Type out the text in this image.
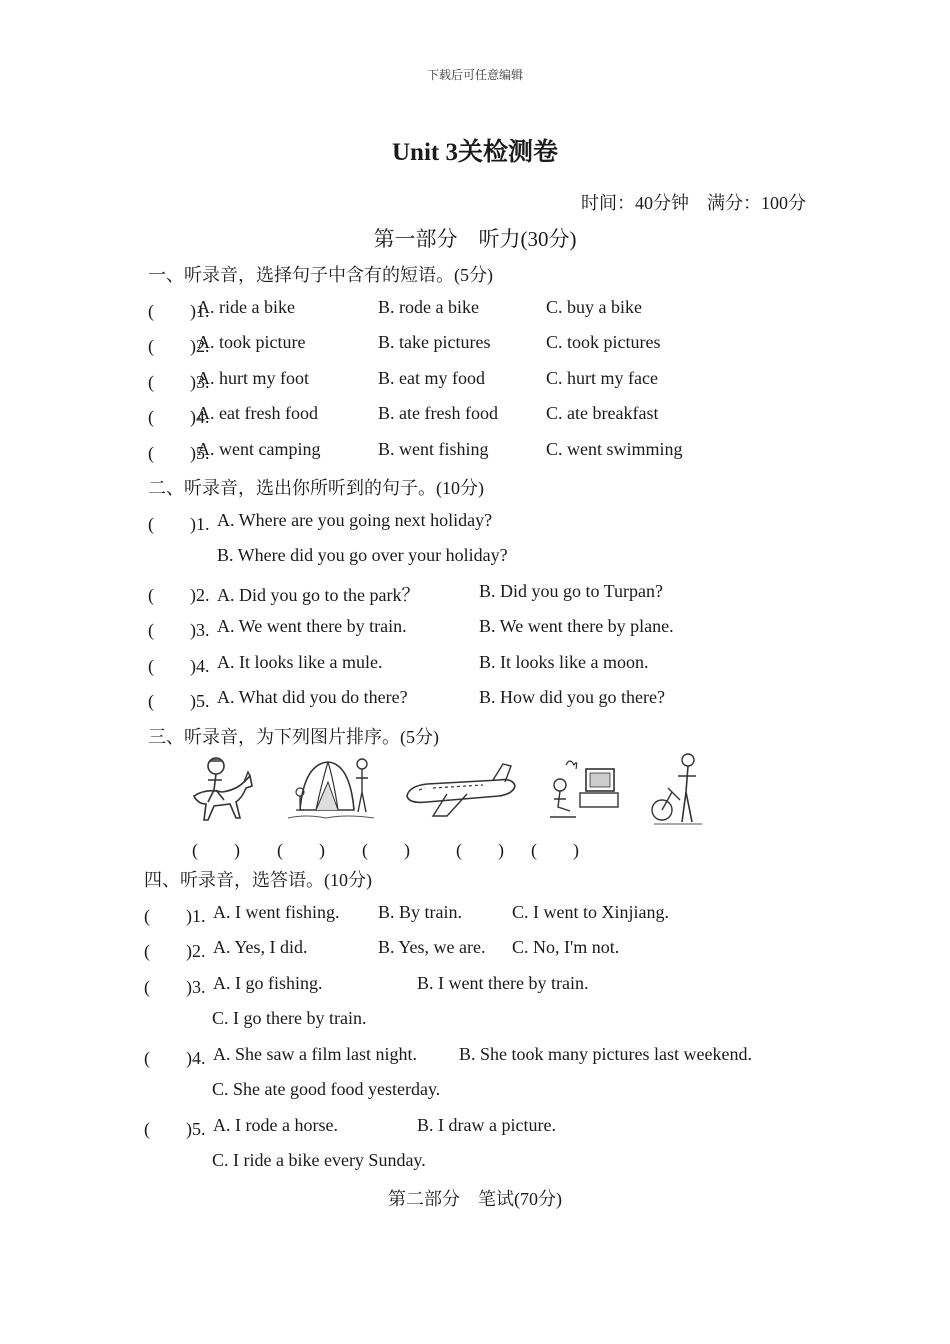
下载后可任意编辑
Unit 3关检测卷
时间：40分钟　满分：100分
第一部分　听力(30分)
一、听录音，选择句子中含有的短语。(5分)
(　　)1.
A. ride a bike	B. rode a bike	C. buy a bike
(　　)2.
A. took picture	B. take pictures	C. took pictures
(　　)3.
A. hurt my foot	B. eat my food	C. hurt my face
(　　)4.
A. eat fresh food	B. ate fresh food	C. ate breakfast
(　　)5.
A. went camping	B. went fishing	C. went swimming
二、听录音，选出你所听到的句子。(10分)
(　　)1. A. Where are you going next holiday?
B. Where did you go over your holiday?
(　　)2. A. Did you go to the park？	B. Did you go to Turpan?
(　　)3. A. We went there by train.	B. We went there by plane.
(　　)4. A. It looks like a mule.	B. It looks like a moon.
(　　)5. A. What did you do there?	B. How did you go there?
三、听录音，为下列图片排序。(5分)
(　　) (　　) (　　)	(　　) (　　)
四、听录音，选答语。(10分)
(　　)1. A. I went fishing. B. By train.	C. I went to Xinjiang.
(　　)2. A. Yes, I did.	B. Yes, we are. C. No, I'm not.
(　　)3. A. I go fishing.	B. I went there by train.
C. I go there by train.
(　　)4. A. She saw a film last night. B. She took many pictures last weekend.
C. She ate good food yesterday.
(　　)5. A. I rode a horse.	B. I draw a picture.
C. I ride a bike every Sunday.
第二部分　笔试(70分)
